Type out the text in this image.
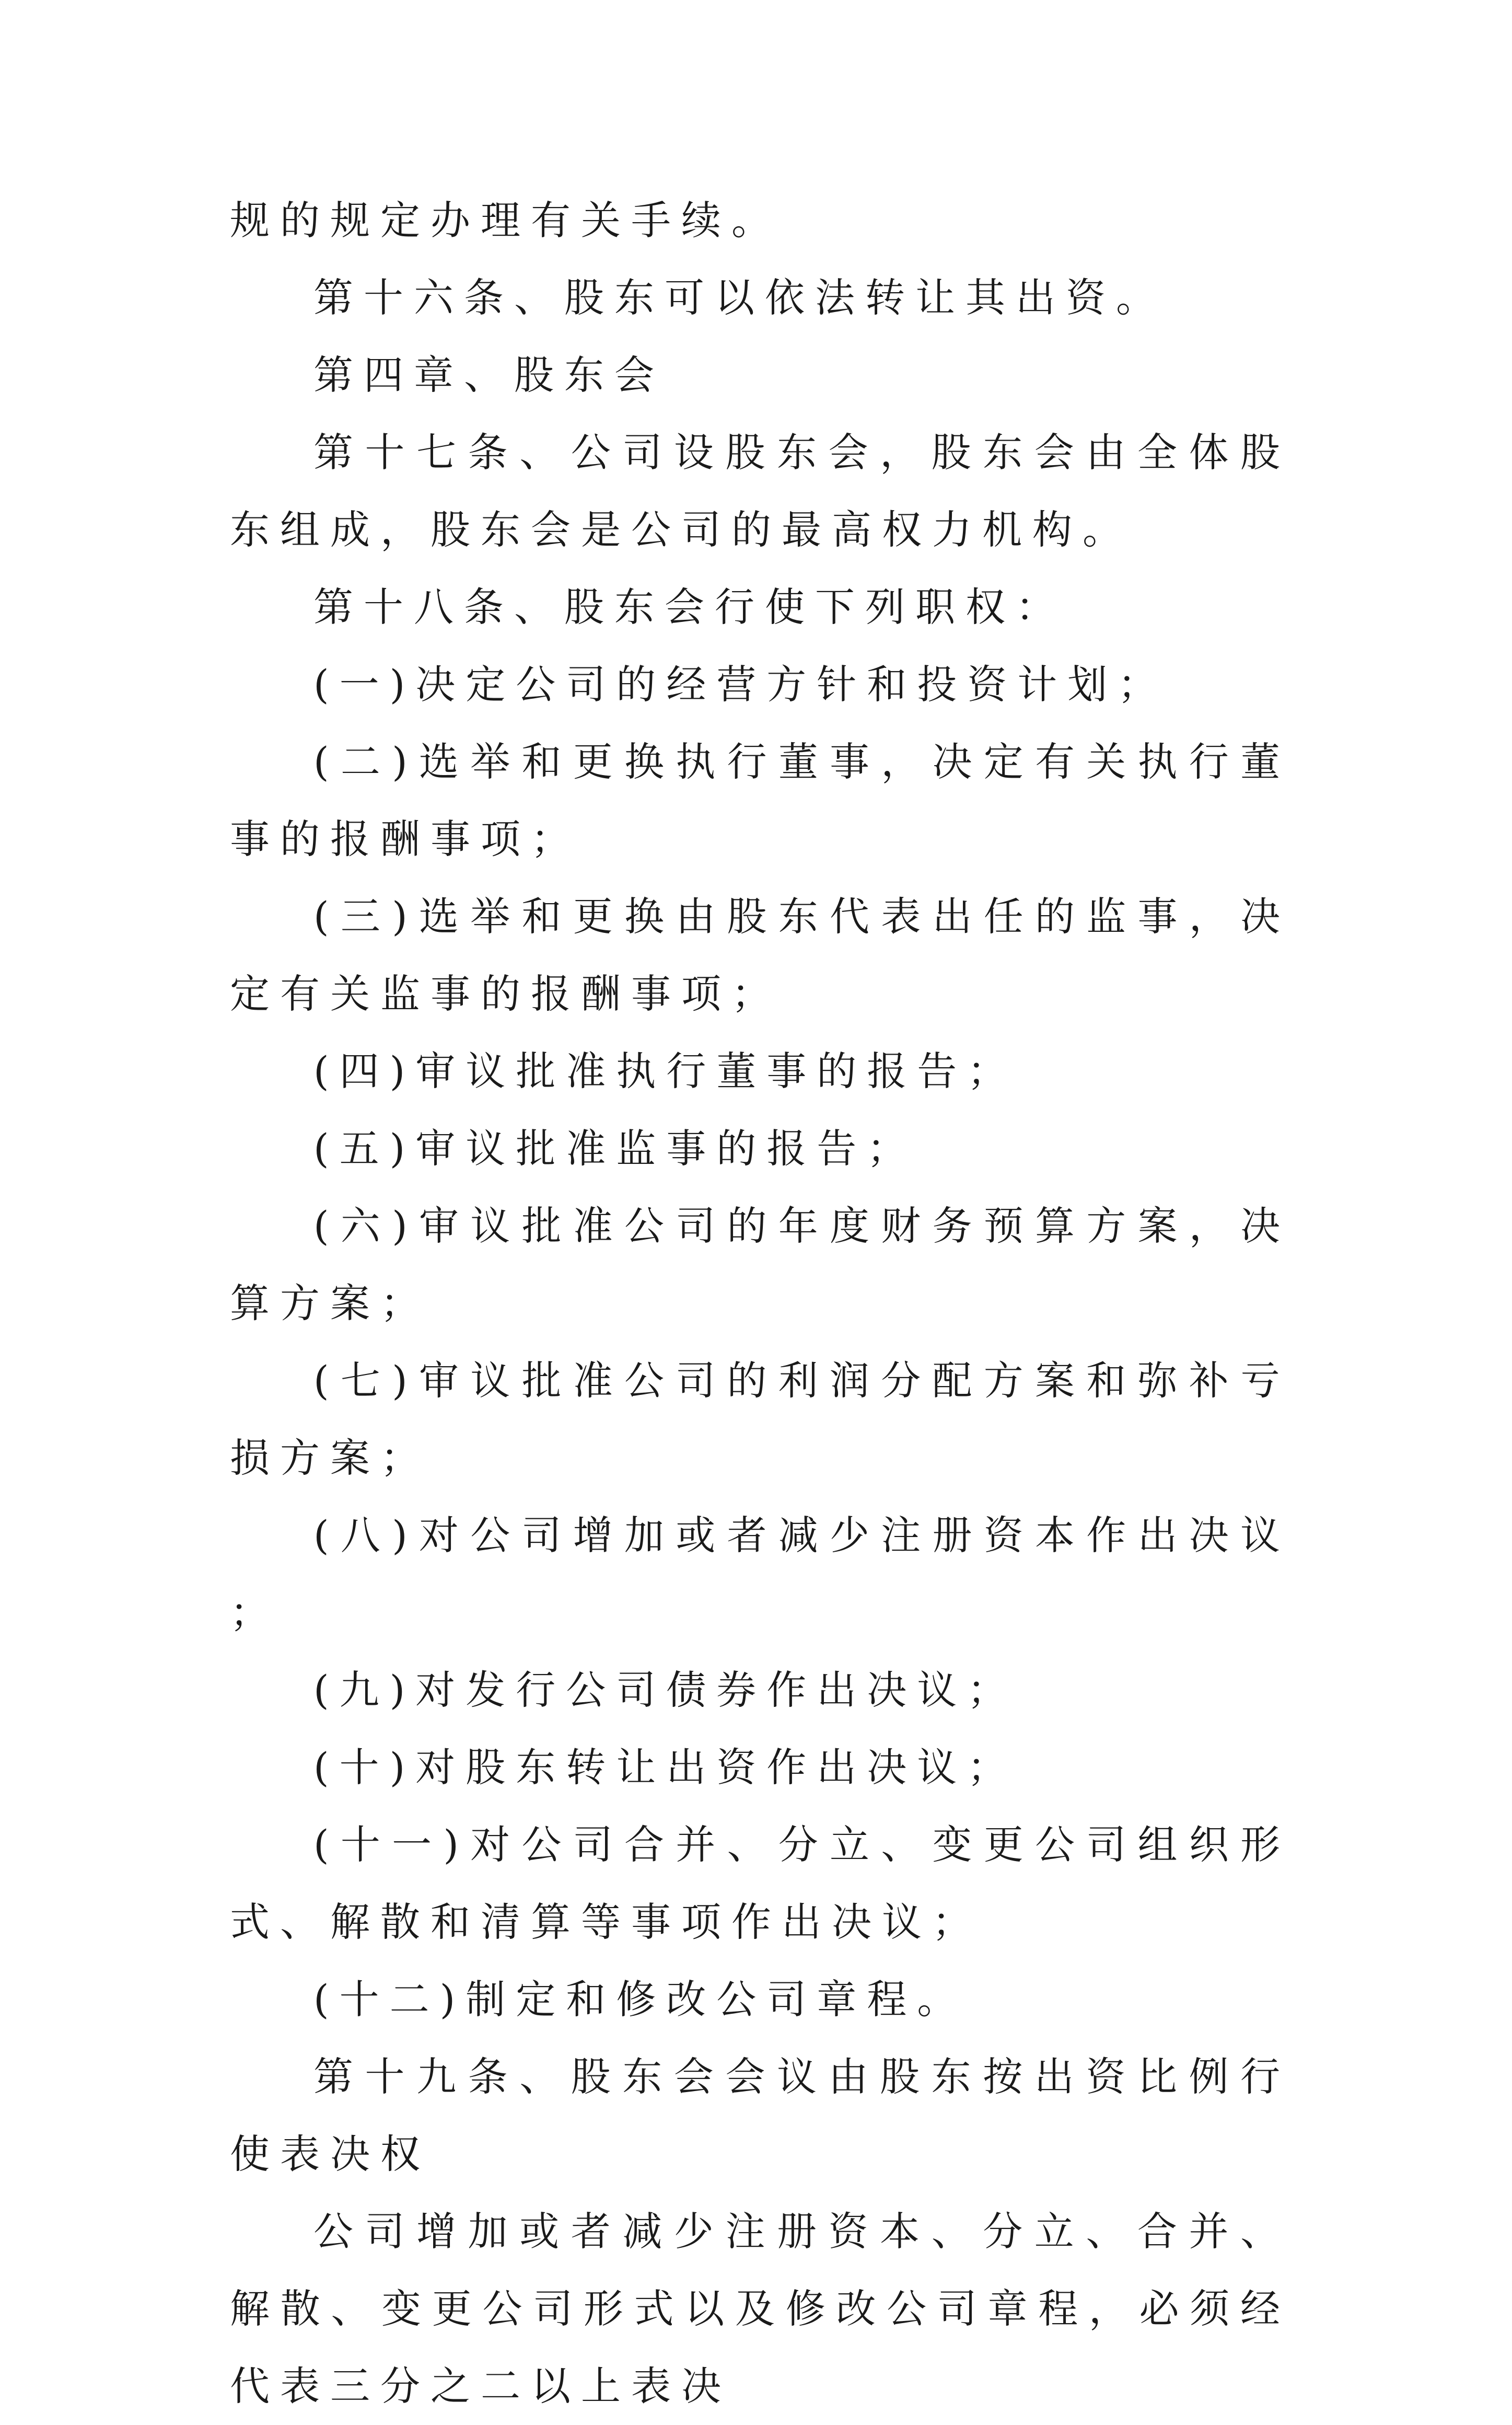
规的规定办理有关手续。

第十六条、股东可以依法转让其出资。

第四章、股东会

第十七条、公司设股东会，股东会由全体股东组成，股东会是公司的最高权力机构。

第十八条、股东会行使下列职权：

(一)决定公司的经营方针和投资计划；

(二)选举和更换执行董事，决定有关执行董事的报酬事项；

(三)选举和更换由股东代表出任的监事，决定有关监事的报酬事项；

(四)审议批准执行董事的报告；

(五)审议批准监事的报告；

(六)审议批准公司的年度财务预算方案，决算方案；

(七)审议批准公司的利润分配方案和弥补亏损方案；

(八)对公司增加或者减少注册资本作出决议；

(九)对发行公司债券作出决议；

(十)对股东转让出资作出决议；

(十一)对公司合并、分立、变更公司组织形式、解散和清算等事项作出决议；

(十二)制定和修改公司章程。

第十九条、股东会会议由股东按出资比例行使表决权

公司增加或者减少注册资本、分立、合并、解散、变更公司形式以及修改公司章程，必须经代表三分之二以上表决
